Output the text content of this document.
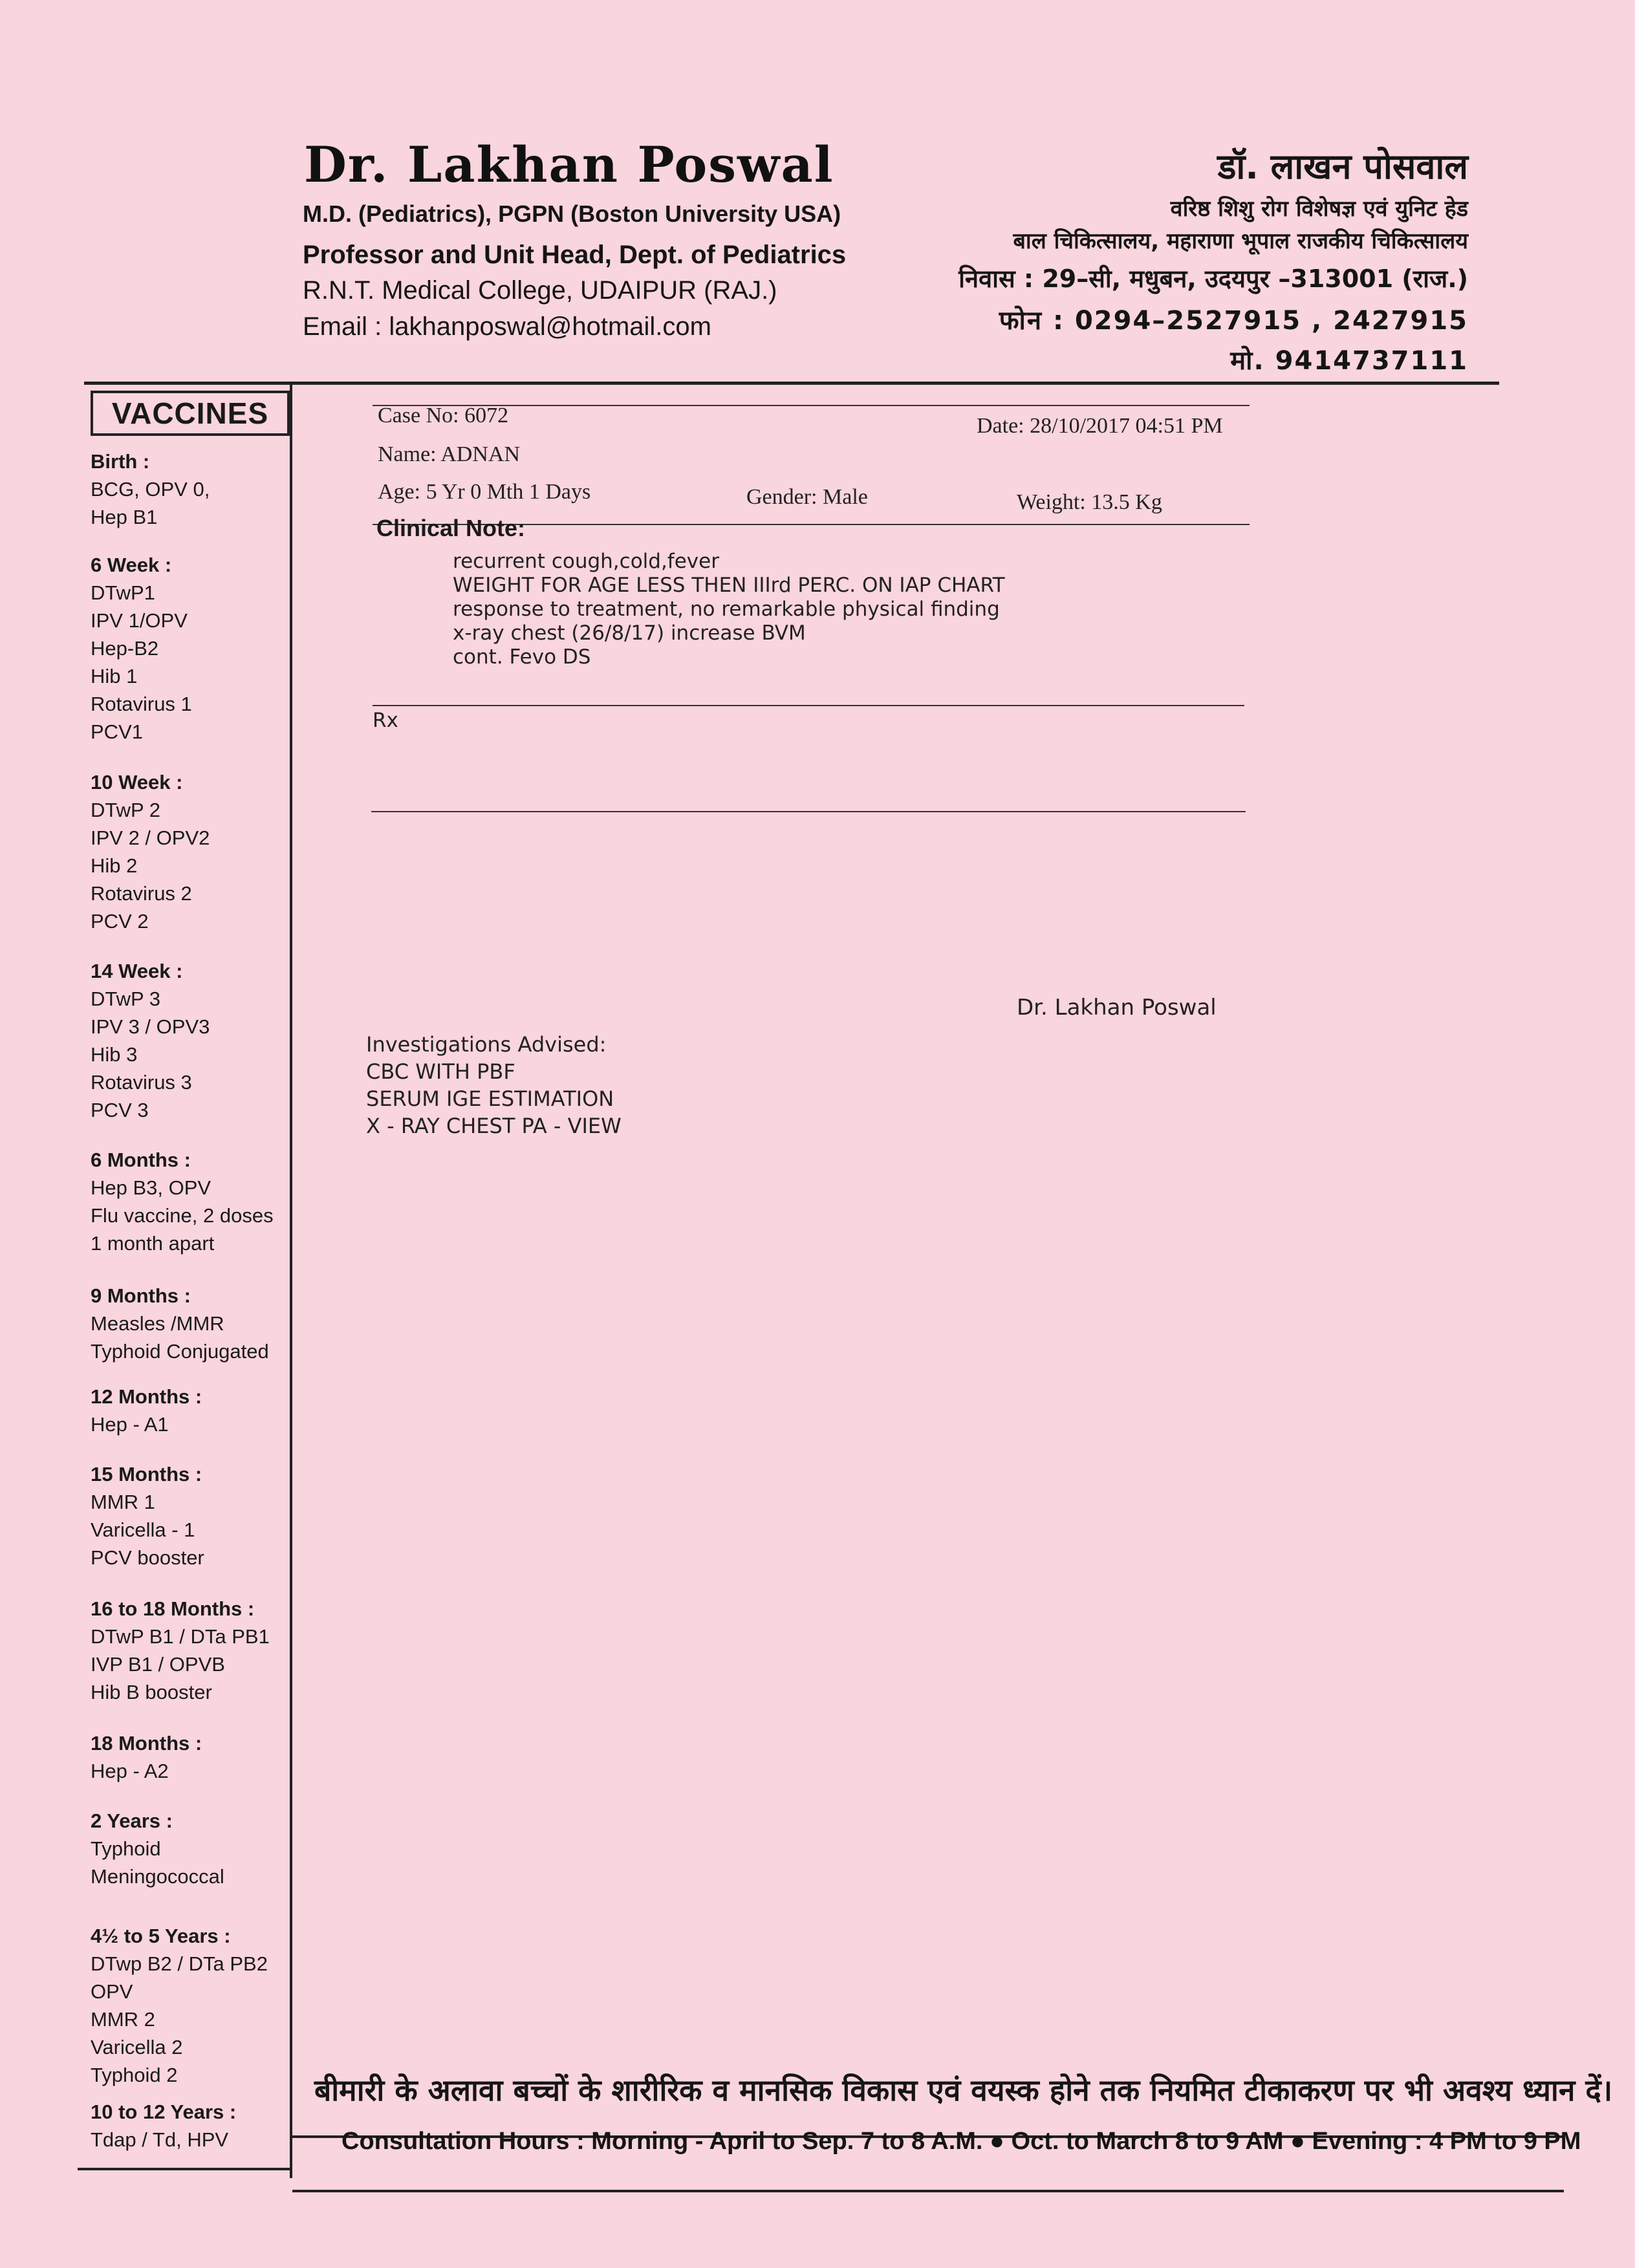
Dr. Lakhan Poswal
M.D. (Pediatrics), PGPN (Boston University USA)
Professor and Unit Head, Dept. of Pediatrics
R.N.T. Medical College, UDAIPUR (RAJ.)
Email : lakhanposwal@hotmail.com
डॉ. लाखन पोसवाल
वरिष्ठ शिशु रोग विशेषज्ञ एवं युनिट हेड
बाल चिकित्सालय, महाराणा भूपाल राजकीय चिकित्सालय
निवास : 29–सी, मधुबन, उदयपुर –313001 (राज.)
फोन : 0294–2527915 , 2427915
मो. 9414737111
VACCINES
Birth :
BCG, OPV 0,
Hep B1
6 Week :
DTwP1
IPV 1/OPV
Hep-B2
Hib 1
Rotavirus 1
PCV1
10 Week :
DTwP 2
IPV 2 / OPV2
Hib 2
Rotavirus 2
PCV 2
14 Week :
DTwP 3
IPV 3 / OPV3
Hib 3
Rotavirus 3
PCV 3
6 Months :
Hep B3, OPV
Flu vaccine, 2 doses
1 month apart
9 Months :
Measles /MMR
Typhoid Conjugated
12 Months :
Hep - A1
15 Months :
MMR 1
Varicella - 1
PCV booster
16 to 18 Months :
DTwP B1 / DTa PB1
IVP B1 / OPVB
Hib B booster
18 Months :
Hep - A2
2 Years :
Typhoid
Meningococcal
4½ to 5 Years :
DTwp B2 / DTa PB2
OPV
MMR 2
Varicella 2
Typhoid 2
10 to 12 Years :
Tdap / Td, HPV
Case No: 6072	Date: 28/10/2017 04:51 PM
Name: ADNAN
Age: 5 Yr 0 Mth 1 Days	Gender: Male	Weight: 13.5 Kg
Clinical Note:
recurrent cough,cold,fever
WEIGHT FOR AGE LESS THEN IIIrd PERC. ON IAP CHART
response to treatment, no remarkable physical finding
x-ray chest (26/8/17) increase BVM
cont. Fevo DS
Rx
Dr. Lakhan Poswal
Investigations Advised:
CBC WITH PBF
SERUM IGE ESTIMATION
X - RAY CHEST PA - VIEW
बीमारी के अलावा बच्चों के शारीरिक व मानसिक विकास एवं वयस्क होने तक नियमित टीकाकरण पर भी अवश्य ध्यान दें।
Consultation Hours : Morning - April to Sep. 7 to 8 A.M. ● Oct. to March 8 to 9 AM ● Evening : 4 PM to 9 PM
